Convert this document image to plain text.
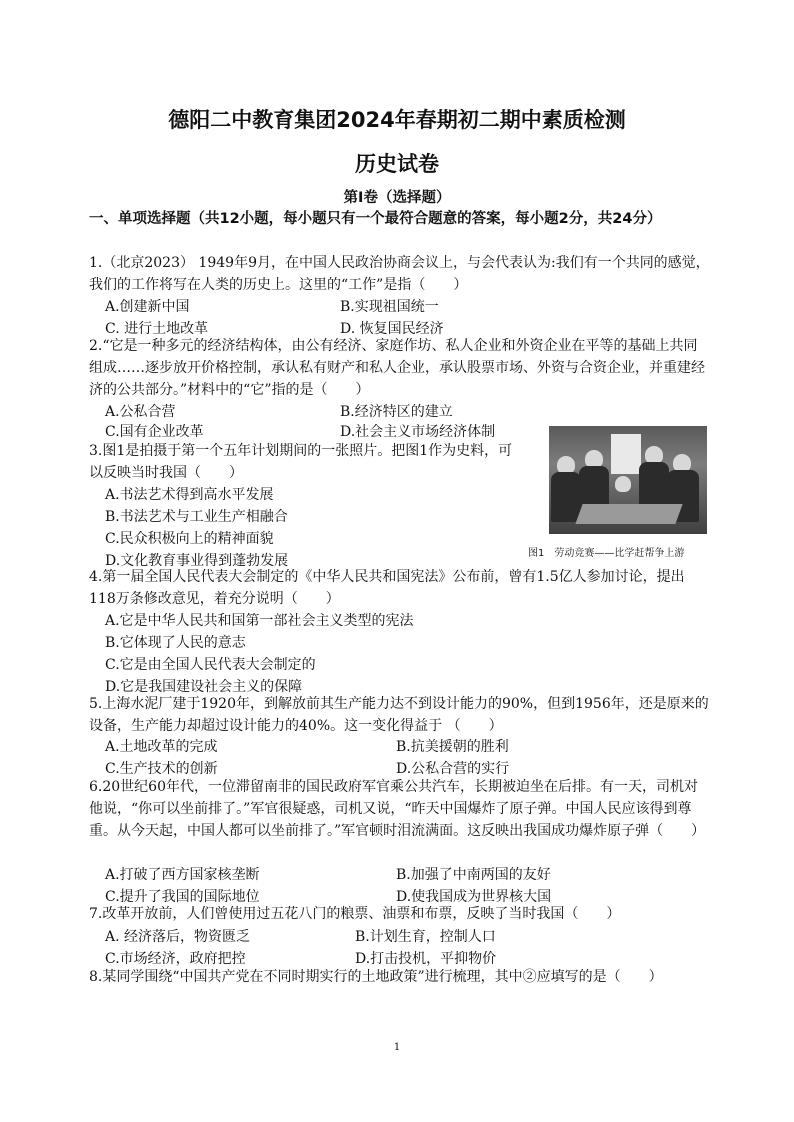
德阳二中教育集团2024年春期初二期中素质检测
历史试卷
第Ⅰ卷（选择题）
一、单项选择题（共12小题，每小题只有一个最符合题意的答案，每小题2分，共24分）
1.（北京2023） 1949年9月，在中国人民政治协商会议上，与会代表认为:我们有一个共同的感觉，我们的工作将写在人类的历史上。这里的“工作”是指（　　）
A.创建新中国	B.实现祖国统一
C. 进行土地改革	D. 恢复国民经济
2.“它是一种多元的经济结构体，由公有经济、家庭作坊、私人企业和外资企业在平等的基础上共同组成……逐步放开价格控制，承认私有财产和私人企业，承认股票市场、外资与合资企业，并重建经济的公共部分。”材料中的“它”指的是（　　）
A.公私合营	B.经济特区的建立
C.国有企业改革	D.社会主义市场经济体制
3.图1是拍摄于第一个五年计划期间的一张照片。把图1作为史料，可以反映当时我国（　　）
A.书法艺术得到高水平发展
B.书法艺术与工业生产相融合
C.民众积极向上的精神面貌
D.文化教育事业得到蓬勃发展	图1　劳动竞赛——比学赶帮争上游
4.第一届全国人民代表大会制定的《中华人民共和国宪法》公布前，曾有1.5亿人参加讨论，提出118万条修改意见，着充分说明（　　）
A.它是中华人民共和国第一部社会主义类型的宪法
B.它体现了人民的意志
C.它是由全国人民代表大会制定的
D.它是我国建设社会主义的保障
5.上海水泥厂建于1920年，到解放前其生产能力达不到设计能力的90%，但到1956年，还是原来的设备，生产能力却超过设计能力的40%。这一变化得益于 （　　）
A.土地改革的完成	B.抗美援朝的胜利
C.生产技术的创新	D.公私合营的实行
6.20世纪60年代，一位滞留南非的国民政府军官乘公共汽车，长期被迫坐在后排。有一天，司机对他说，“你可以坐前排了。”军官很疑惑，司机又说，“昨天中国爆炸了原子弹。中国人民应该得到尊重。从今天起，中国人都可以坐前排了。”军官顿时泪流满面。这反映出我国成功爆炸原子弹（　　）
A.打破了西方国家核垄断	B.加强了中南两国的友好
C.提升了我国的国际地位	D.使我国成为世界核大国
7.改革开放前，人们曾使用过五花八门的粮票、油票和布票，反映了当时我国（　　）
A. 经济落后，物资匮乏	B.计划生育，控制人口
C.市场经济，政府把控	D.打击投机，平抑物价
8.某同学围绕“中国共产党在不同时期实行的土地政策”进行梳理，其中②应填写的是（　　）
1
